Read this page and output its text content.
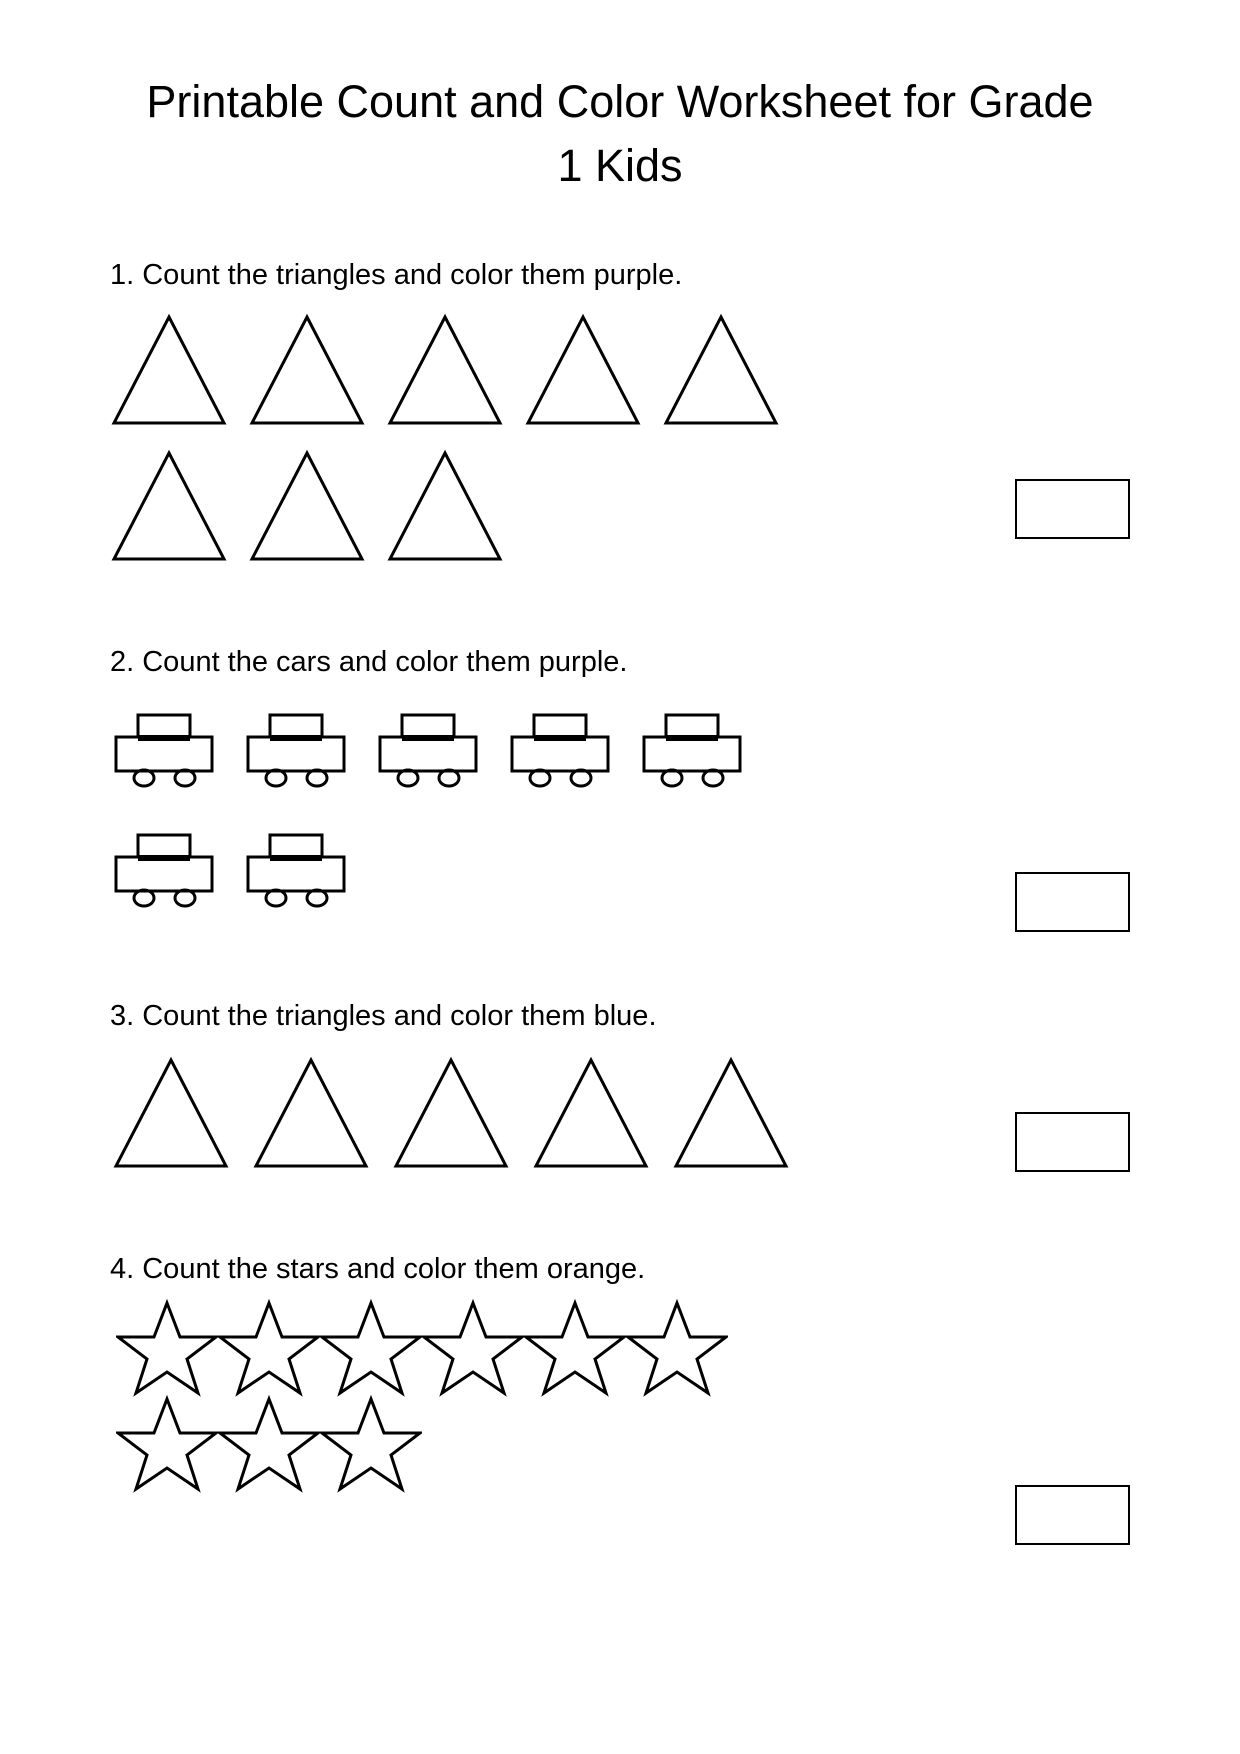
Printable Count and Color Worksheet for Grade 1 Kids
1. Count the triangles and color them purple.
2. Count the cars and color them purple.
3. Count the triangles and color them blue.
4. Count the stars and color them orange.
